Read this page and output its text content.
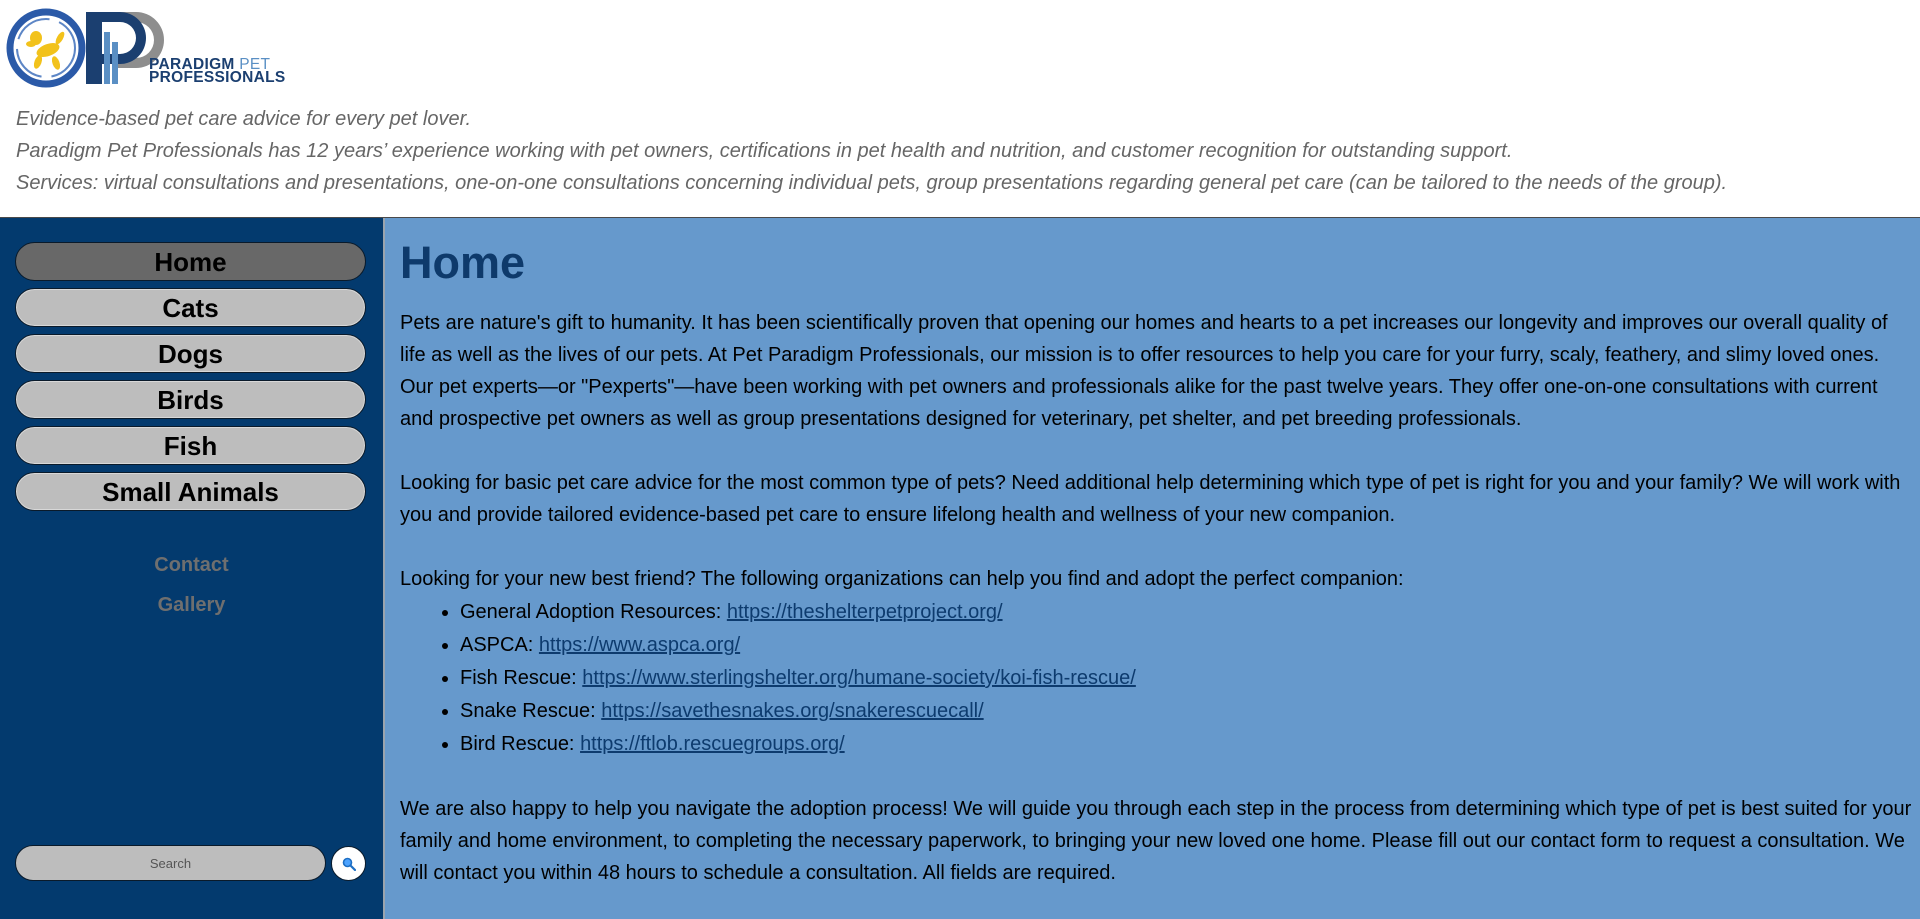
PARADIGM PET
PROFESSIONALS
Evidence-based pet care advice for every pet lover.
Paradigm Pet Professionals has 12 years’ experience working with pet owners, certifications in pet health and nutrition, and customer recognition for outstanding support.
Services: virtual consultations and presentations, one-on-one consultations concerning individual pets, group presentations regarding general pet care (can be tailored to the needs of the group).
Home
Cats
Dogs
Birds
Fish
Small Animals
Contact
Gallery
Search
Home

Pets are nature's gift to humanity. It has been scientifically proven that opening our homes and hearts to a pet increases our longevity and improves our overall quality of life as well as the lives of our pets. At Pet Paradigm Professionals, our mission is to offer resources to help you care for your furry, scaly, feathery, and slimy loved ones. Our pet experts—or "Pexperts"—have been working with pet owners and professionals alike for the past twelve years. They offer one-on-one consultations with current and prospective pet owners as well as group presentations designed for veterinary, pet shelter, and pet breeding professionals.

Looking for basic pet care advice for the most common type of pets? Need additional help determining which type of pet is right for you and your family? We will work with you and provide tailored evidence-based pet care to ensure lifelong health and wellness of your new companion.

Looking for your new best friend? The following organizations can help you find and adopt the perfect companion:

• General Adoption Resources: https://theshelterpetproject.org/
• ASPCA: https://www.aspca.org/
• Fish Rescue: https://www.sterlingshelter.org/humane-society/koi-fish-rescue/
• Snake Rescue: https://savethesnakes.org/snakerescuecall/
• Bird Rescue: https://ftlob.rescuegroups.org/

We are also happy to help you navigate the adoption process! We will guide you through each step in the process from determining which type of pet is best suited for your family and home environment, to completing the necessary paperwork, to bringing your new loved one home. Please fill out our contact form to request a consultation. We will contact you within 48 hours to schedule a consultation. All fields are required.
